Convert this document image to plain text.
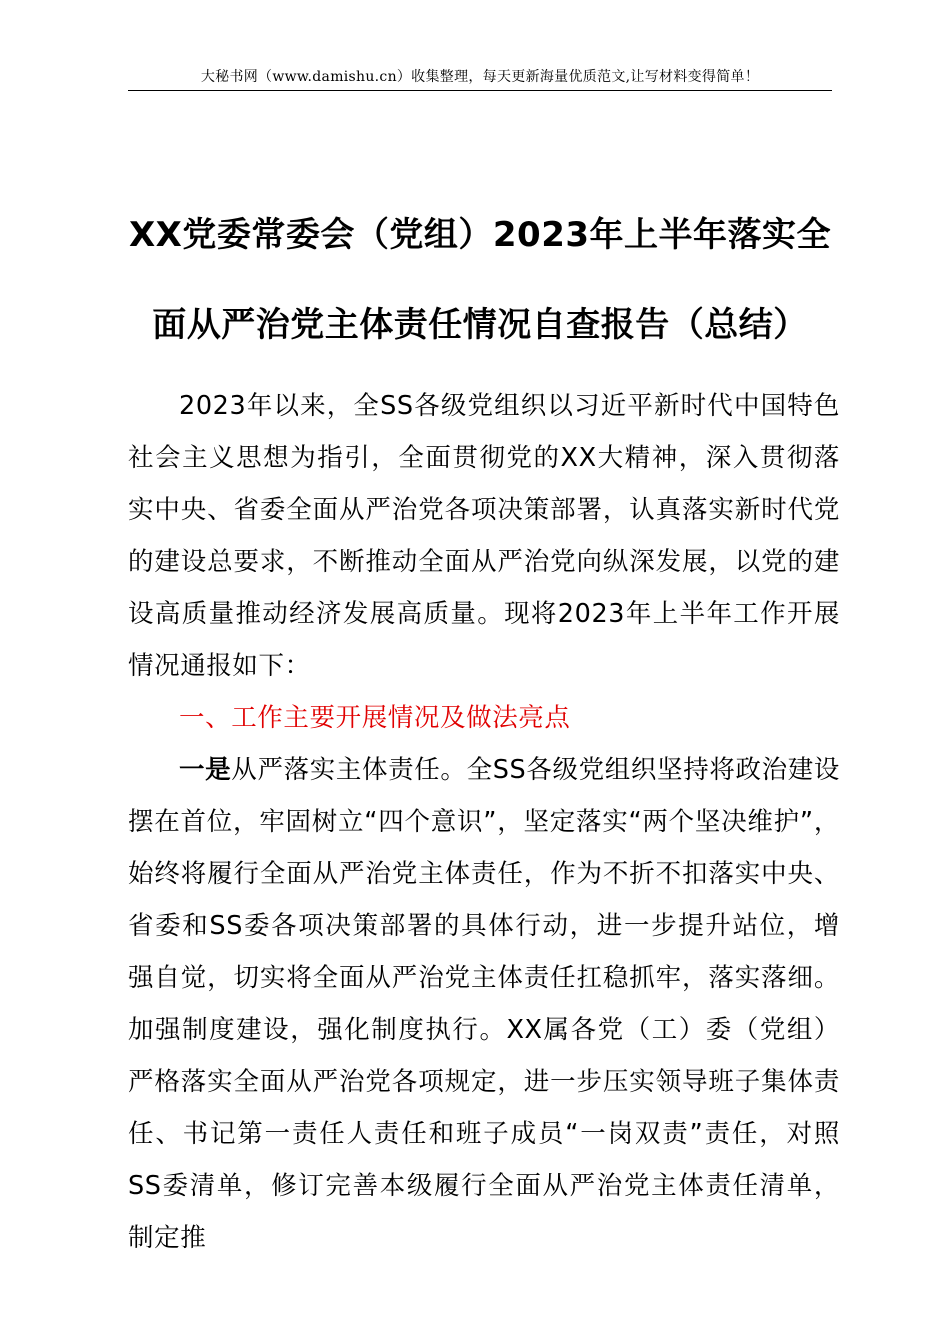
大秘书网（www.damishu.cn）收集整理，每天更新海量优质范文,让写材料变得简单！
XX党委常委会（党组）2023年上半年落实全
面从严治党主体责任情况自查报告（总结）

2023年以来，全SS各级党组织以习近平新时代中国特色社会主义思想为指引，全面贯彻党的XX大精神，深入贯彻落实中央、省委全面从严治党各项决策部署，认真落实新时代党的建设总要求，不断推动全面从严治党向纵深发展，以党的建设高质量推动经济发展高质量。现将2023年上半年工作开展情况通报如下：

一、工作主要开展情况及做法亮点

一是从严落实主体责任。全SS各级党组织坚持将政治建设摆在首位，牢固树立“四个意识”，坚定落实“两个坚决维护”，始终将履行全面从严治党主体责任，作为不折不扣落实中央、省委和SS委各项决策部署的具体行动，进一步提升站位，增强自觉，切实将全面从严治党主体责任扛稳抓牢，落实落细。加强制度建设，强化制度执行。XX属各党（工）委（党组）严格落实全面从严治党各项规定，进一步压实领导班子集体责任、书记第一责任人责任和班子成员“一岗双责”责任，对照SS委清单，修订完善本级履行全面从严治党主体责任清单，制定推
